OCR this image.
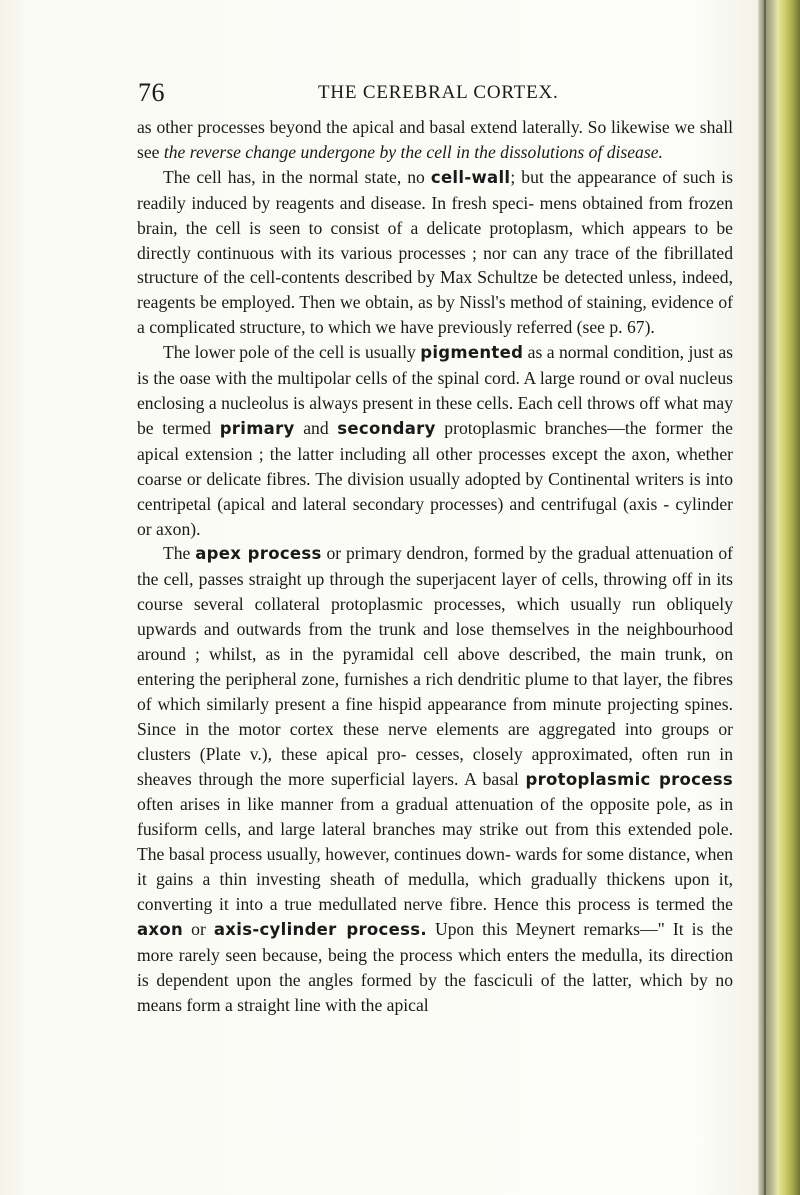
76	THE CEREBRAL CORTEX.

as other processes beyond the apical and basal extend laterally. So likewise we shall see the reverse change undergone by the cell in the dissolutions of disease.

The cell has, in the normal state, no cell-wall; but the appearance of such is readily induced by reagents and disease. In fresh speci- mens obtained from frozen brain, the cell is seen to consist of a delicate protoplasm, which appears to be directly continuous with its various processes ; nor can any trace of the fibrillated structure of the cell-contents described by Max Schultze be detected unless, indeed, reagents be employed. Then we obtain, as by Nissl's method of staining, evidence of a complicated structure, to which we have previously referred (see p. 67).

The lower pole of the cell is usually pigmented as a normal condition, just as is the oase with the multipolar cells of the spinal cord. A large round or oval nucleus enclosing a nucleolus is always present in these cells. Each cell throws off what may be termed primary and secondary protoplasmic branches—the former the apical extension ; the latter including all other processes except the axon, whether coarse or delicate fibres. The division usually adopted by Continental writers is into centripetal (apical and lateral secondary processes) and centrifugal (axis - cylinder or axon).

The apex process or primary dendron, formed by the gradual attenuation of the cell, passes straight up through the superjacent layer of cells, throwing off in its course several collateral protoplasmic processes, which usually run obliquely upwards and outwards from the trunk and lose themselves in the neighbourhood around ; whilst, as in the pyramidal cell above described, the main trunk, on entering the peripheral zone, furnishes a rich dendritic plume to that layer, the fibres of which similarly present a fine hispid appearance from minute projecting spines. Since in the motor cortex these nerve elements are aggregated into groups or clusters (Plate v.), these apical pro- cesses, closely approximated, often run in sheaves through the more superficial layers. A basal protoplasmic process often arises in like manner from a gradual attenuation of the opposite pole, as in fusiform cells, and large lateral branches may strike out from this extended pole. The basal process usually, however, continues down- wards for some distance, when it gains a thin investing sheath of medulla, which gradually thickens upon it, converting it into a true medullated nerve fibre. Hence this process is termed the axon or axis-cylinder process. Upon this Meynert remarks—" It is the more rarely seen because, being the process which enters the medulla, its direction is dependent upon the angles formed by the fasciculi of the latter, which by no means form a straight line with the apical
